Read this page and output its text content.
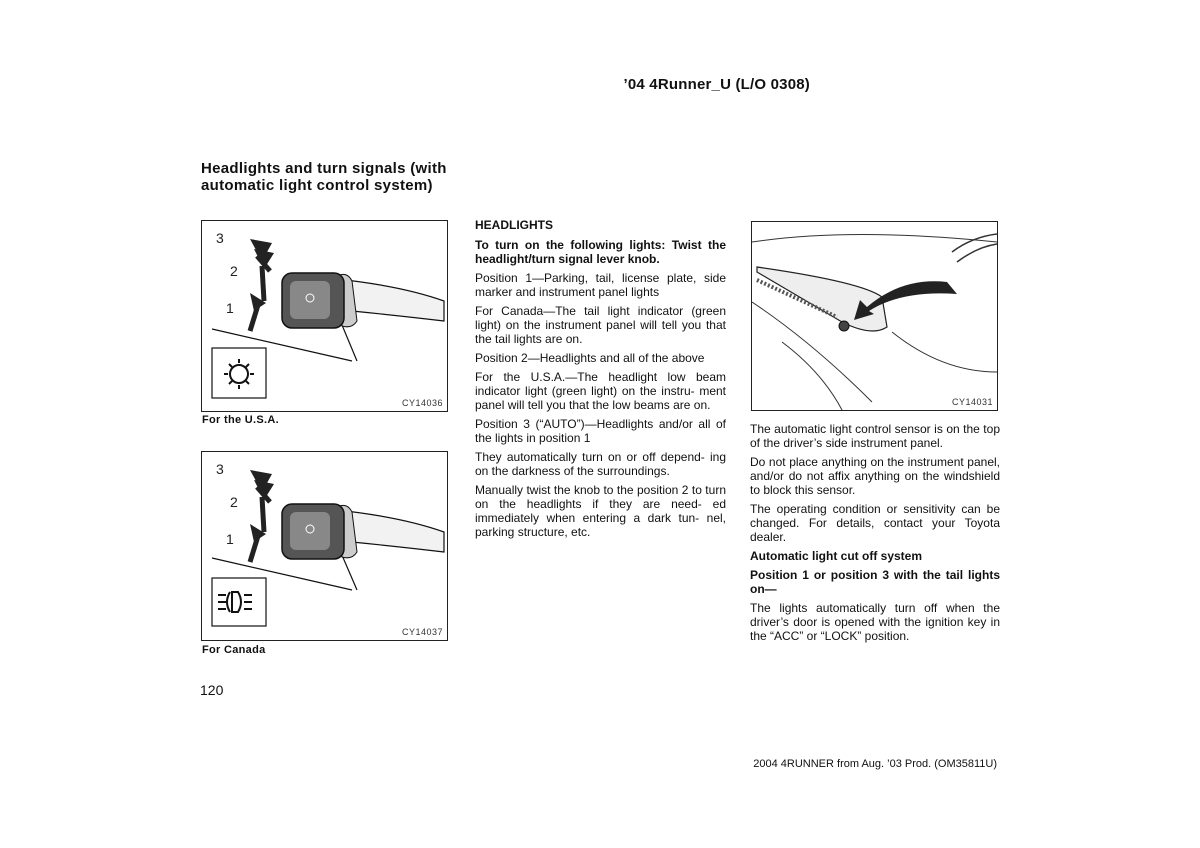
’04 4Runner_U (L/O 0308)
Headlights and turn signals (with automatic light control system)
3
2
1
CY14036
For the U.S.A.
3
2
1
CY14037
For Canada

HEADLIGHTS

To turn on the following lights: Twist the headlight/turn signal lever knob.

Position 1—Parking, tail, license plate, side marker and instrument panel lights

For Canada—The tail light indicator (green light) on the instrument panel will tell you that the tail lights are on.

Position 2—Headlights and all of the above

For the U.S.A.—The headlight low beam indicator light (green light) on the instru- ment panel will tell you that the low beams are on.

Position 3 (“AUTO”)—Headlights and/or all of the lights in position 1

They automatically turn on or off depend- ing on the darkness of the surroundings.

Manually twist the knob to the position 2 to turn on the headlights if they are need- ed immediately when entering a dark tun- nel, parking structure, etc.

CY14031

The automatic light control sensor is on the top of the driver’s side instrument panel.

Do not place anything on the instrument panel, and/or do not affix anything on the windshield to block this sensor.

The operating condition or sensitivity can be changed. For details, contact your Toyota dealer.

Automatic light cut off system

Position 1 or position 3 with the tail lights on—

The lights automatically turn off when the driver’s door is opened with the ignition key in the “ACC” or “LOCK” position.

120
2004 4RUNNER from Aug. ’03 Prod. (OM35811U)
